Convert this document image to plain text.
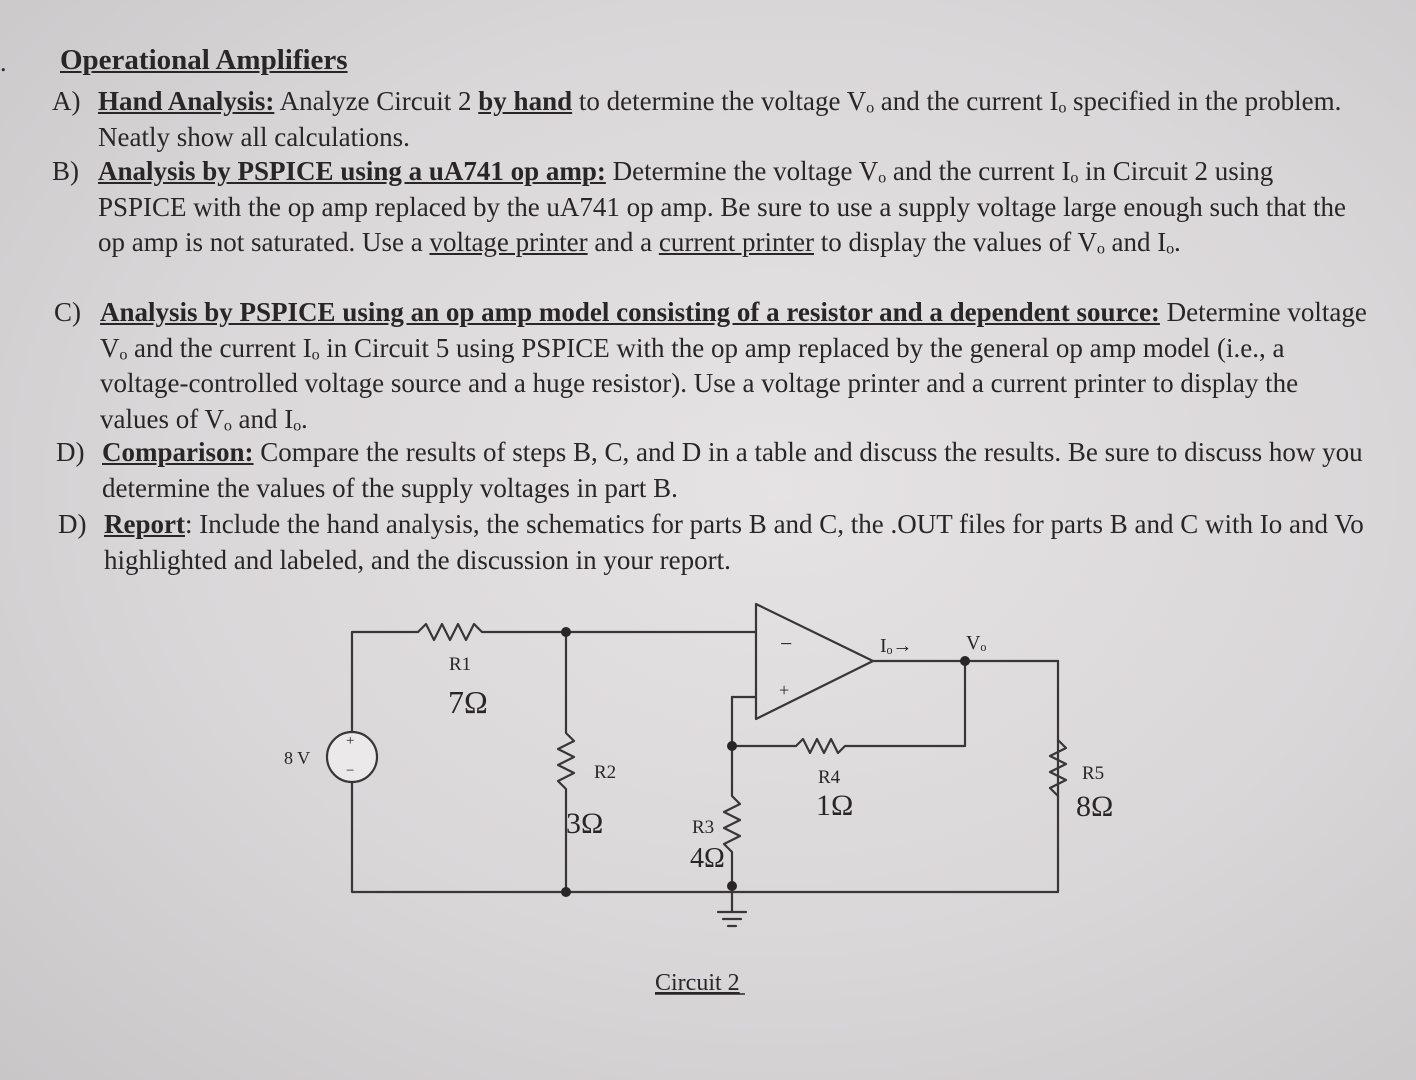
. Operational Amplifiers
A) Hand Analysis: Analyze Circuit 2 by hand to determine the voltage Vₒ and the current Iₒ specified in the problem. Neatly show all calculations.
B) Analysis by PSPICE using a uA741 op amp: Determine the voltage Vₒ and the current Iₒ in Circuit 2 using PSPICE with the op amp replaced by the uA741 op amp. Be sure to use a supply voltage large enough such that the op amp is not saturated. Use a voltage printer and a current printer to display the values of Vₒ and Iₒ.
C) Analysis by PSPICE using an op amp model consisting of a resistor and a dependent source: Determine voltage Vₒ and the current Iₒ in Circuit 5 using PSPICE with the op amp replaced by the general op amp model (i.e., a voltage-controlled voltage source and a huge resistor). Use a voltage printer and a current printer to display the values of Vₒ and Iₒ.
D) Comparison: Compare the results of steps B, C, and D in a table and discuss the results. Be sure to discuss how you determine the values of the supply voltages in part B.
D) Report: Include the hand analysis, the schematics for parts B and C, the .OUT files for parts B and C with Io and Vo highlighted and labeled, and the discussion in your report.
+
−
8 V
R1
7Ω
R2
3Ω	R3
4Ω
R4
1Ω
R5
8Ω
−
+
Iₒ→	Vₒ
Circuit 2
